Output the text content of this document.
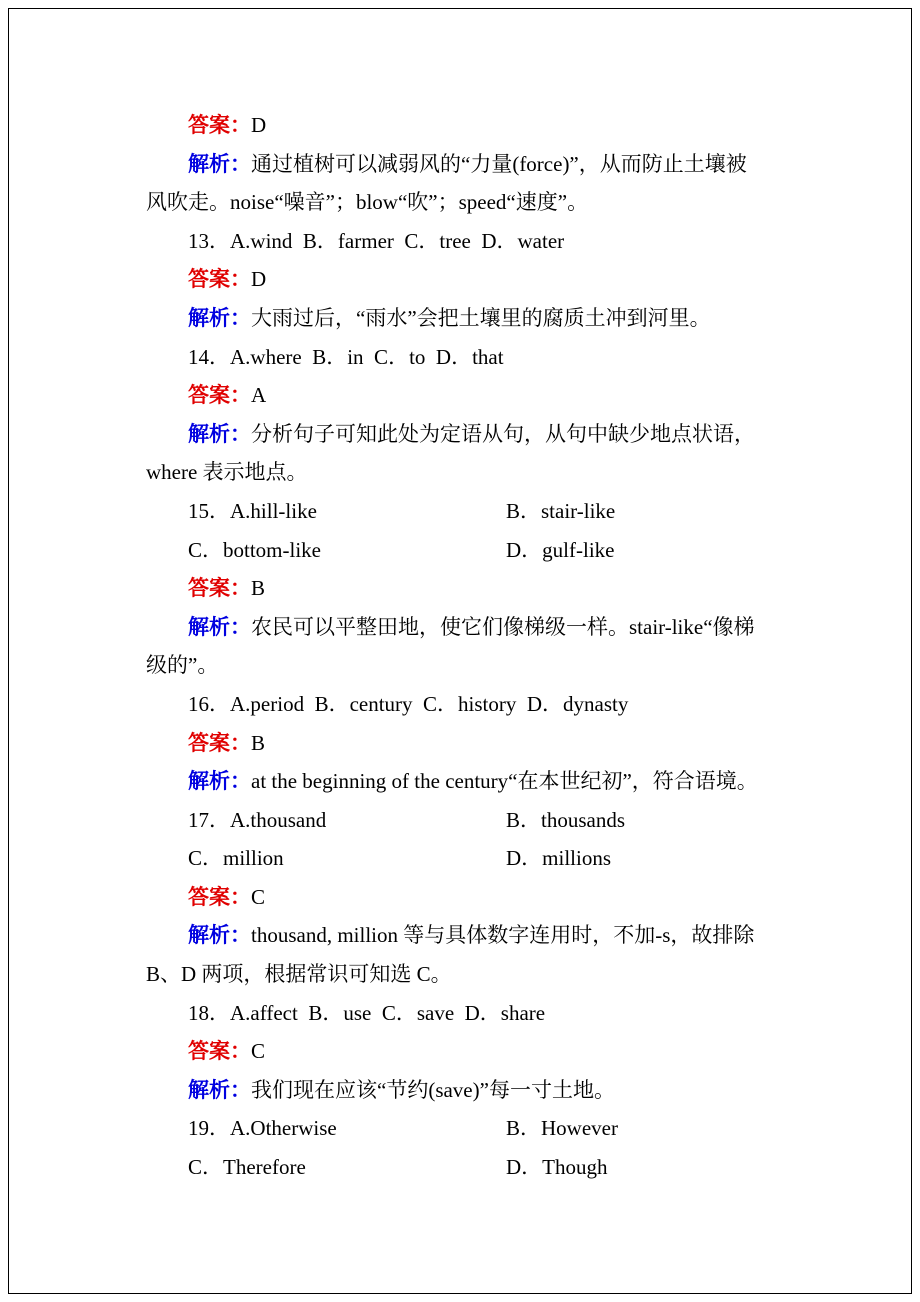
答案：D
解析：通过植树可以减弱风的“力量(force)”，从而防止土壤被
风吹走。noise“噪音”；blow“吹”；speed“速度”。
13．A.wind  B．farmer  C．tree  D．water
答案：D
解析：大雨过后，“雨水”会把土壤里的腐质土冲到河里。
14．A.where  B．in  C．to  D．that
答案：A
解析：分析句子可知此处为定语从句，从句中缺少地点状语，
where 表示地点。
15．A.hill-like	B．stair-like
C．bottom-like	D．gulf-like
答案：B
解析：农民可以平整田地，使它们像梯级一样。stair-like“像梯
级的”。
16．A.period  B．century  C．history  D．dynasty
答案：B
解析：at the beginning of the century“在本世纪初”，符合语境。
17．A.thousand	B．thousands
C．million	D．millions
答案：C
解析：thousand, million 等与具体数字连用时，不加-s，故排除
B、D 两项，根据常识可知选 C。
18．A.affect  B．use  C．save  D．share
答案：C
解析：我们现在应该“节约(save)”每一寸土地。
19．A.Otherwise	B．However
C．Therefore	D．Though
